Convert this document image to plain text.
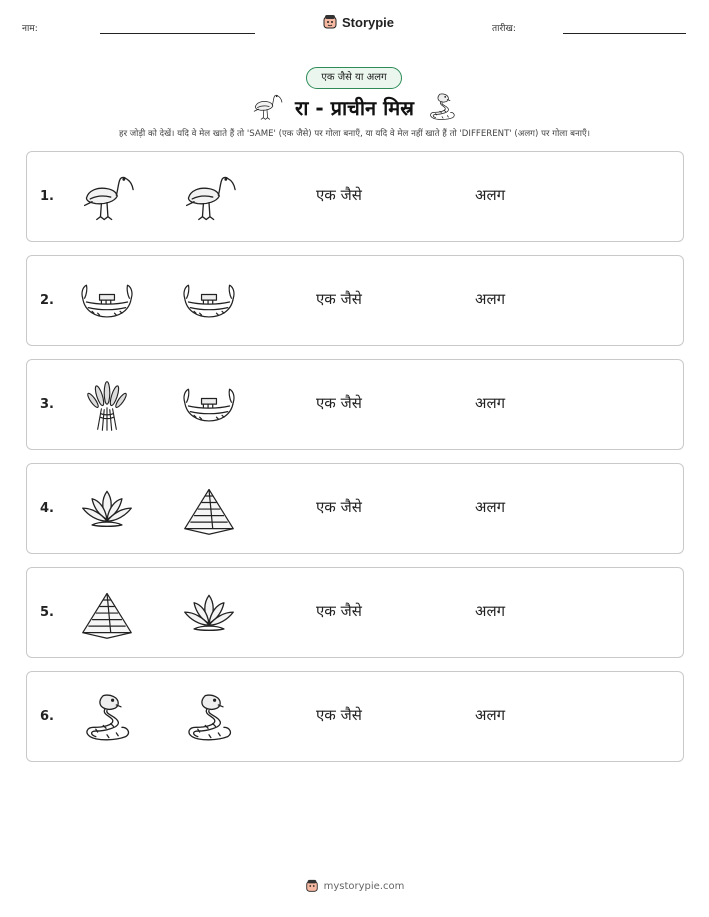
नाम:	Storypie	तारीख:
एक जैसे या अलग
रा - प्राचीन मिस्र
हर जोड़ी को देखें। यदि वे मेल खाते हैं तो 'SAME' (एक जैसे) पर गोला बनाएँ, या यदि वे मेल नहीं खाते हैं तो 'DIFFERENT' (अलग) पर गोला बनाएँ।
1.	एक जैसे	अलग
2.	एक जैसे	अलग
3.	एक जैसे	अलग
4.	एक जैसे	अलग
5.	एक जैसे	अलग
6.	एक जैसे	अलग
mystorypie.com
